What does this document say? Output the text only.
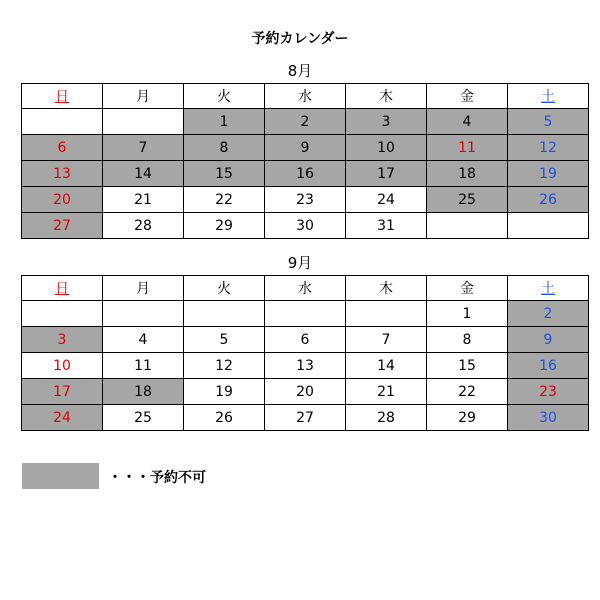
予約カレンダー
8月
日	月	火	水	木	金	土
		1	2	3	4	5
6	7	8	9	10	11	12
13	14	15	16	17	18	19
20	21	22	23	24	25	26
27	28	29	30	31		
9月
日	月	火	水	木	金	土
					1	2
3	4	5	6	7	8	9
10	11	12	13	14	15	16
17	18	19	20	21	22	23
24	25	26	27	28	29	30
・・・予約不可
